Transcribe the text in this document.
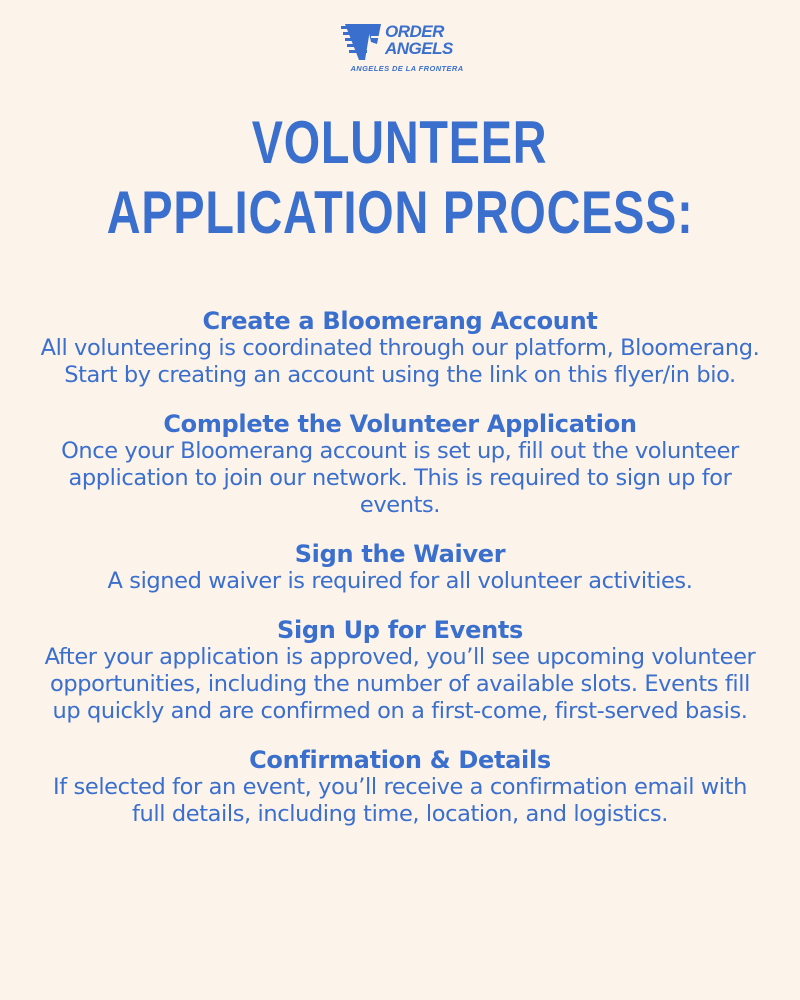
ORDER
ANGELS
ANGELES DE LA FRONTERA
VOLUNTEER
APPLICATION PROCESS:
Create a Bloomerang Account
All volunteering is coordinated through our platform, Bloomerang. Start by creating an account using the link on this flyer/in bio.
Complete the Volunteer Application
Once your Bloomerang account is set up, fill out the volunteer application to join our network. This is required to sign up for events.
Sign the Waiver
A signed waiver is required for all volunteer activities.
Sign Up for Events
After your application is approved, you’ll see upcoming volunteer opportunities, including the number of available slots. Events fill up quickly and are confirmed on a first-come, first-served basis.
Confirmation & Details
If selected for an event, you’ll receive a confirmation email with full details, including time, location, and logistics.
